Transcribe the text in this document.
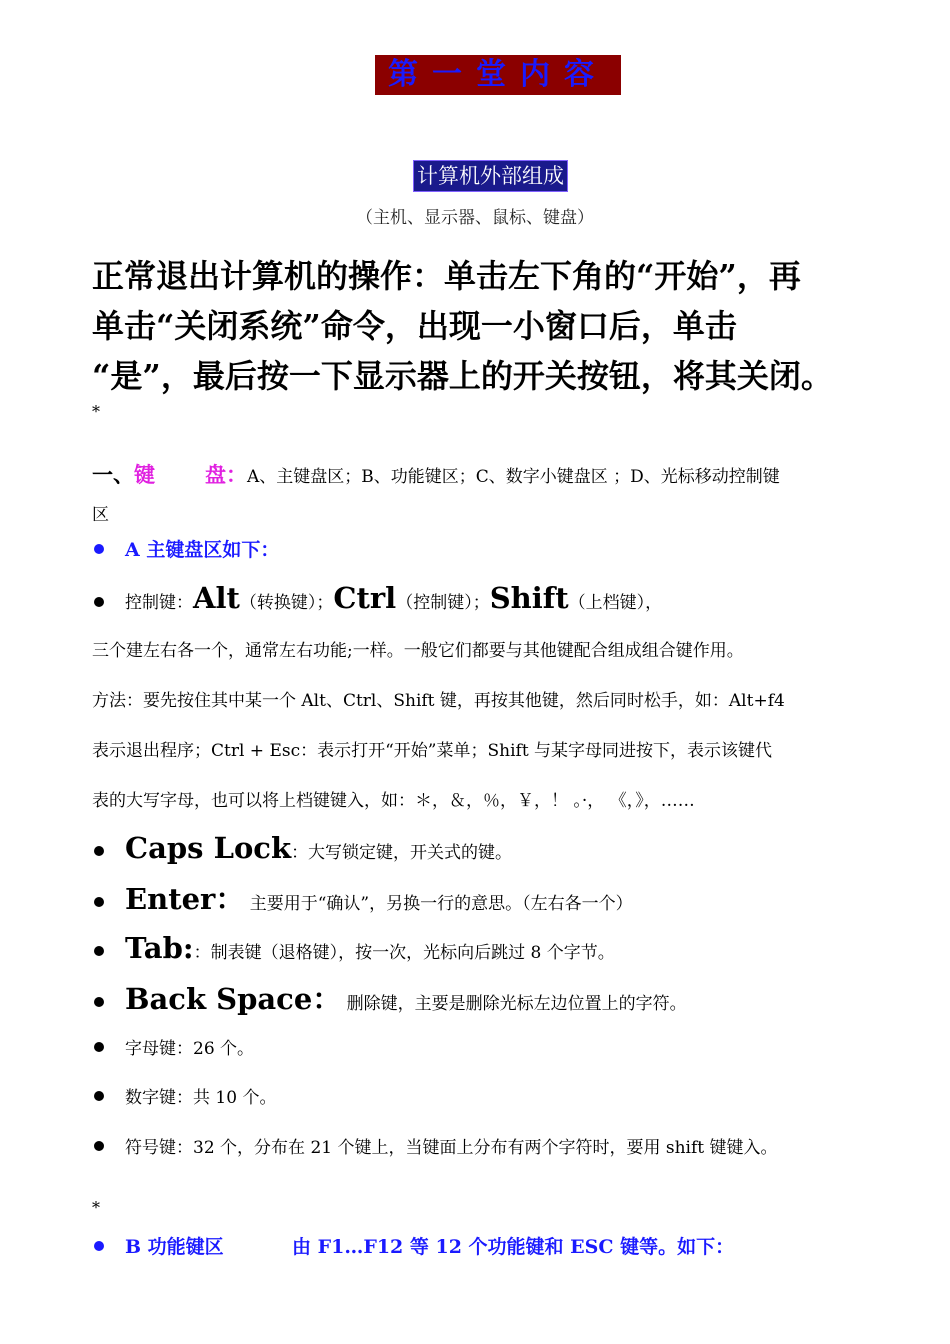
第一堂内容
计算机外部组成
（主机、显示器、鼠标、键盘）
正常退出计算机的操作：单击左下角的“开始”，再
单击“关闭系统”命令，出现一小窗口后，单击
“是”，最后按一下显示器上的开关按钮，将其关闭。
*
一、键 盘：A、主键盘区；B、功能键区；C、数字小键盘区 ；D、光标移动控制键
区
A 主键盘区如下：
控制键：Alt（转换键）；Ctrl（控制键）；Shift（上档键），
三个建左右各一个，通常左右功能;一样。一般它们都要与其他键配合组成组合键作用。
方法：要先按住其中某一个 Alt、Ctrl、Shift 键，再按其他键，然后同时松手，如：Alt+f4
表示退出程序；Ctrl + Esc：表示打开“开始”菜单；Shift 与某字母同进按下，表示该键代
表的大写字母，也可以将上档键键入，如：＊，＆，％，￥，！ 。·， 《，》，……
Caps Lock：大写锁定键，开关式的键。
Enter： 主要用于“确认”，另换一行的意思。（左右各一个）
Tab:：制表键（退格键），按一次，光标向后跳过 8 个字节。
Back Space： 删除键，主要是删除光标左边位置上的字符。
字母键：26 个。
数字键：共 10 个。
符号键：32 个，分布在 21 个键上，当键面上分布有两个字符时，要用 shift 键键入。
*
B 功能键区	由 F1…F12 等 12 个功能键和 ESC 键等。如下：
